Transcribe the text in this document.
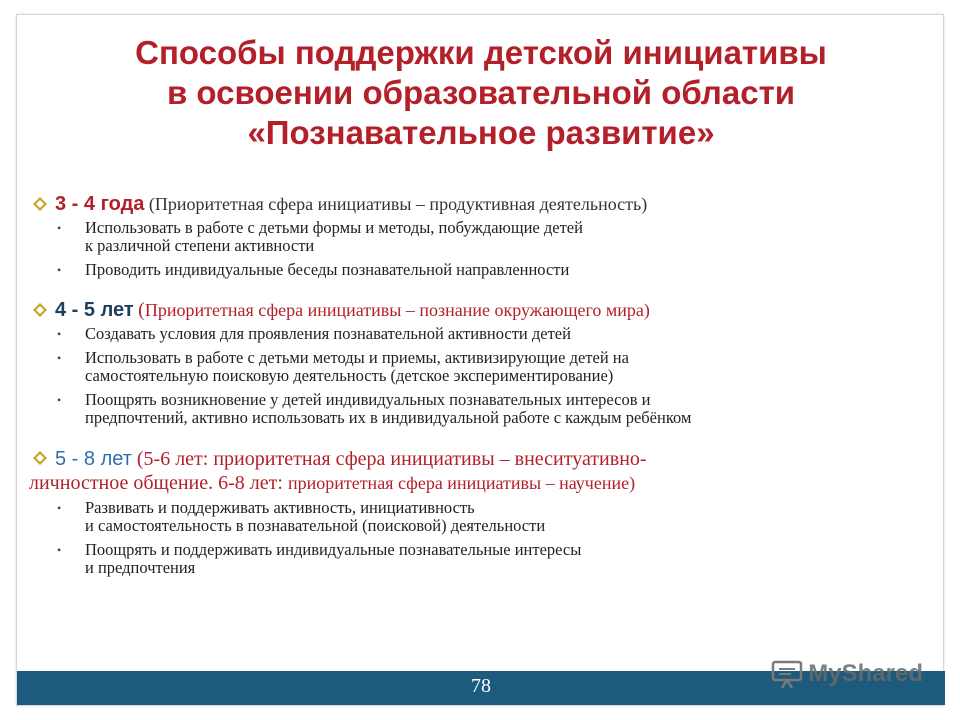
Способы поддержки детской инициативы
в освоении образовательной области
«Познавательное развитие»
3 - 4 года (Приоритетная сфера инициативы – продуктивная деятельность)
• Использовать в работе с детьми формы и методы, побуждающие детей
к различной степени активности
• Проводить индивидуальные беседы познавательной направленности
4 - 5 лет (Приоритетная сфера инициативы – познание окружающего мира)
• Создавать условия для проявления познавательной активности детей
• Использовать в работе с детьми методы и приемы, активизирующие детей на
самостоятельную поисковую деятельность (детское экспериментирование)
• Поощрять возникновение у детей индивидуальных познавательных интересов и
предпочтений, активно использовать их в индивидуальной работе с каждым ребёнком
5 - 8 лет (5-6 лет: приоритетная сфера инициативы – внеситуативно-
личностное общение. 6-8 лет: приоритетная сфера инициативы – научение)
• Развивать и поддерживать активность, инициативность
и самостоятельность в познавательной (поисковой) деятельности
• Поощрять и поддерживать индивидуальные познавательные интересы
и предпочтения
78	MyShared
